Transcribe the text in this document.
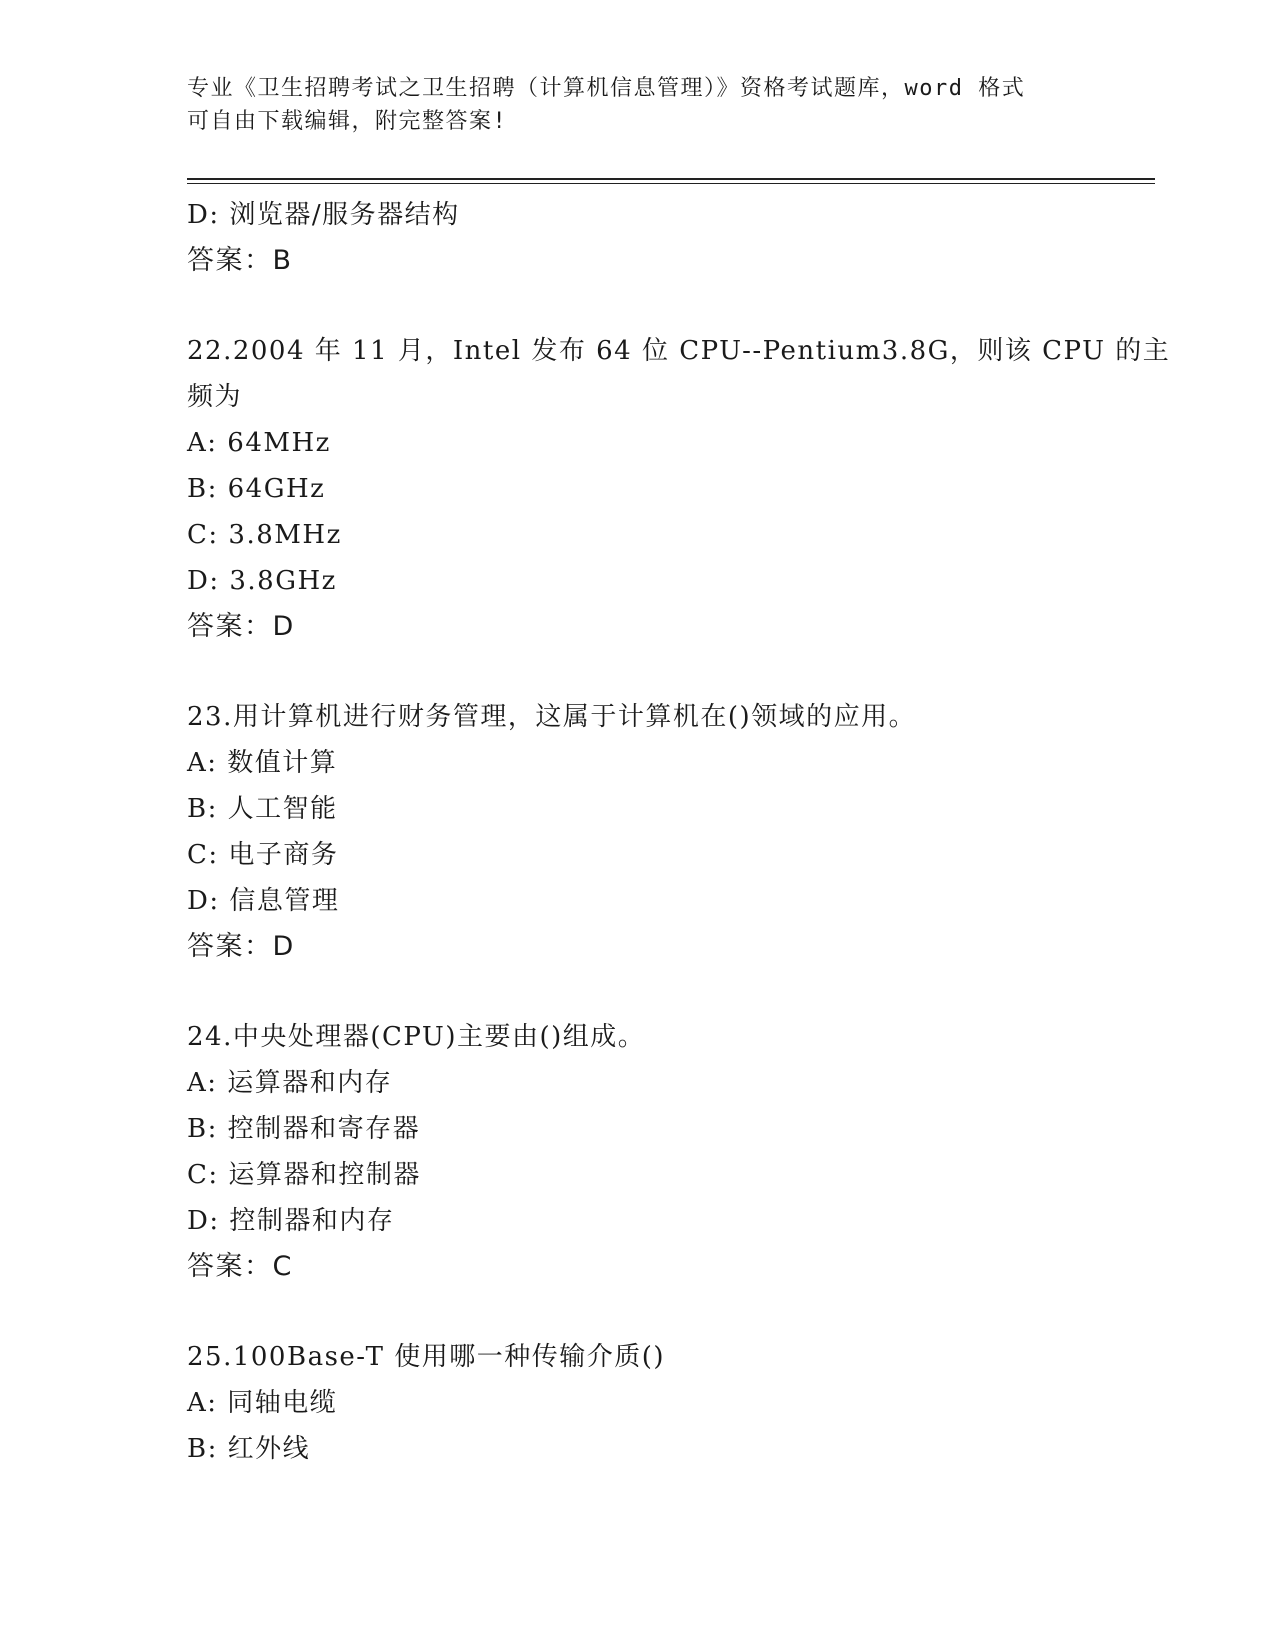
专业《卫生招聘考试之卫生招聘（计算机信息管理）》资格考试题库，word 格式
可自由下载编辑，附完整答案!
D: 浏览器/服务器结构
答案：B
22.2004 年 11 月，Intel 发布 64 位 CPU--Pentium3.8G，则该 CPU 的主
频为
A: 64MHz
B: 64GHz
C: 3.8MHz
D: 3.8GHz
答案：D
23.用计算机进行财务管理，这属于计算机在()领域的应用。
A: 数值计算
B: 人工智能
C: 电子商务
D: 信息管理
答案：D
24.中央处理器(CPU)主要由()组成。
A: 运算器和内存
B: 控制器和寄存器
C: 运算器和控制器
D: 控制器和内存
答案：C
25.100Base-T 使用哪一种传输介质()
A: 同轴电缆
B: 红外线
